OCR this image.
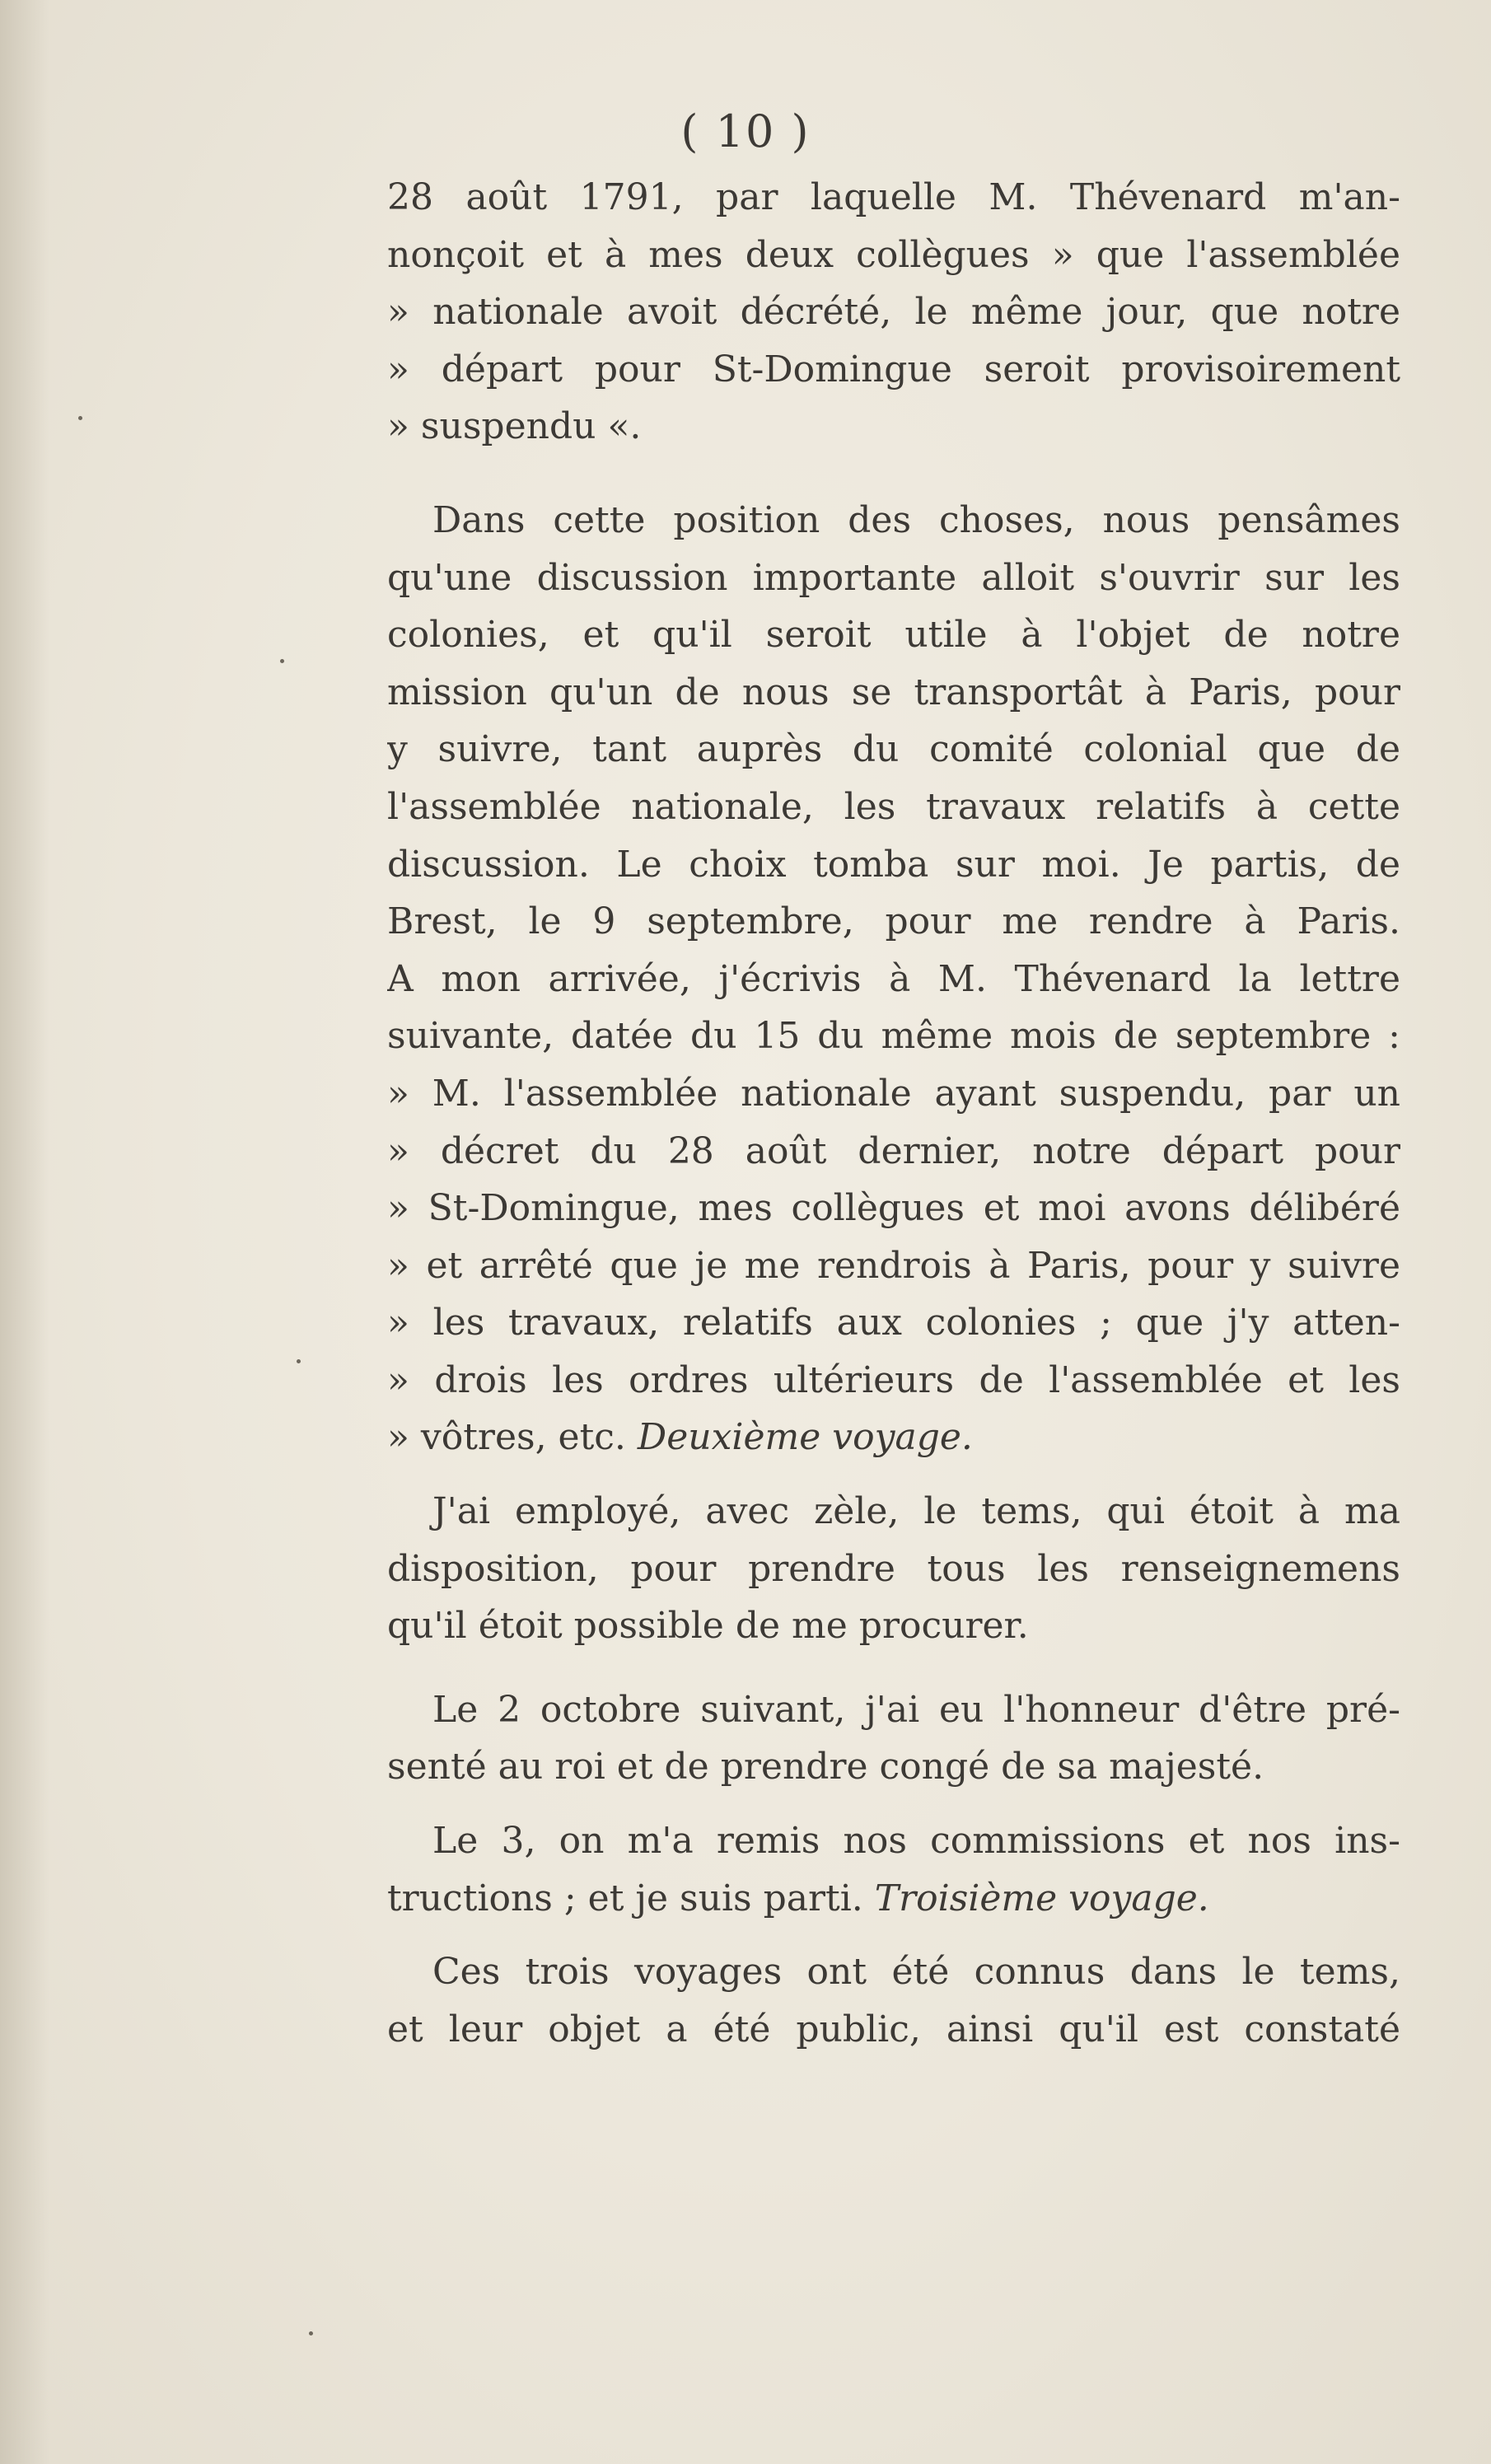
( 10 )
28 août 1791, par laquelle M. Thévenard m'an-
nonçoit et à mes deux collègues » que l'assemblée
» nationale avoit décrété, le même jour, que notre
» départ pour St-Domingue seroit provisoirement
» suspendu «.
Dans cette position des choses, nous pensâmes
qu'une discussion importante alloit s'ouvrir sur les
colonies, et qu'il seroit utile à l'objet de notre
mission qu'un de nous se transportât à Paris, pour
y suivre, tant auprès du comité colonial que de
l'assemblée nationale, les travaux relatifs à cette
discussion. Le choix tomba sur moi. Je partis, de
Brest, le 9 septembre, pour me rendre à Paris.
A mon arrivée, j'écrivis à M. Thévenard la lettre
suivante, datée du 15 du même mois de septembre :
» M. l'assemblée nationale ayant suspendu, par un
» décret du 28 août dernier, notre départ pour
» St-Domingue, mes collègues et moi avons délibéré
» et arrêté que je me rendrois à Paris, pour y suivre
» les travaux, relatifs aux colonies ; que j'y atten-
» drois les ordres ultérieurs de l'assemblée et les
» vôtres, etc. Deuxième voyage.
J'ai employé, avec zèle, le tems, qui étoit à ma
disposition, pour prendre tous les renseignemens
qu'il étoit possible de me procurer.
Le 2 octobre suivant, j'ai eu l'honneur d'être pré-
senté au roi et de prendre congé de sa majesté.
Le 3, on m'a remis nos commissions et nos ins-
tructions ; et je suis parti. Troisième voyage.
Ces trois voyages ont été connus dans le tems,
et leur objet a été public, ainsi qu'il est constaté
